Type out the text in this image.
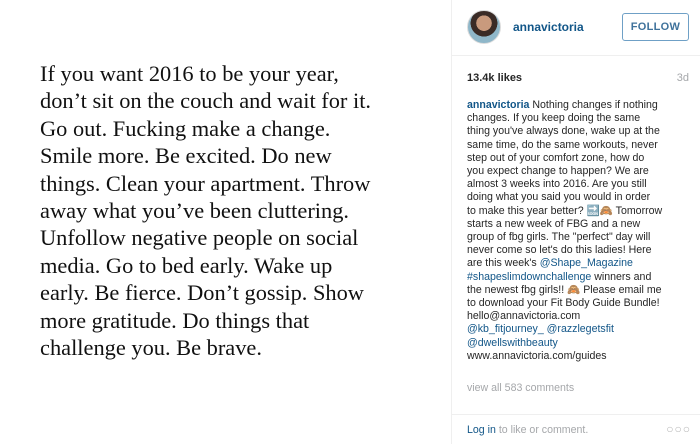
If you want 2016 to be your year,
don’t sit on the couch and wait for it.
Go out. Fucking make a change.
Smile more. Be excited. Do new
things. Clean your apartment. Throw
away what you’ve been cluttering.
Unfollow negative people on social
media. Go to bed early. Wake up
early. Be fierce. Don’t gossip. Show
more gratitude. Do things that
challenge you. Be brave.
annavictoria	FOLLOW
13.4k likes	3d
annavictoria Nothing changes if nothing
changes. If you keep doing the same
thing you've always done, wake up at the
same time, do the same workouts, never
step out of your comfort zone, how do
you expect change to happen? We are
almost 3 weeks into 2016. Are you still
doing what you said you would in order
to make this year better? 🔜🙈 Tomorrow
starts a new week of FBG and a new
group of fbg girls. The "perfect" day will
never come so let's do this ladies! Here
are this week's @Shape_Magazine
#shapeslimdownchallenge winners and
the newest fbg girls!! 🙈 Please email me
to download your Fit Body Guide Bundle!
hello@annavictoria.com
@kb_fitjourney_ @razzlegetsfit
@dwellswithbeauty
www.annavictoria.com/guides
view all 583 comments
Log in to like or comment.	○○○
